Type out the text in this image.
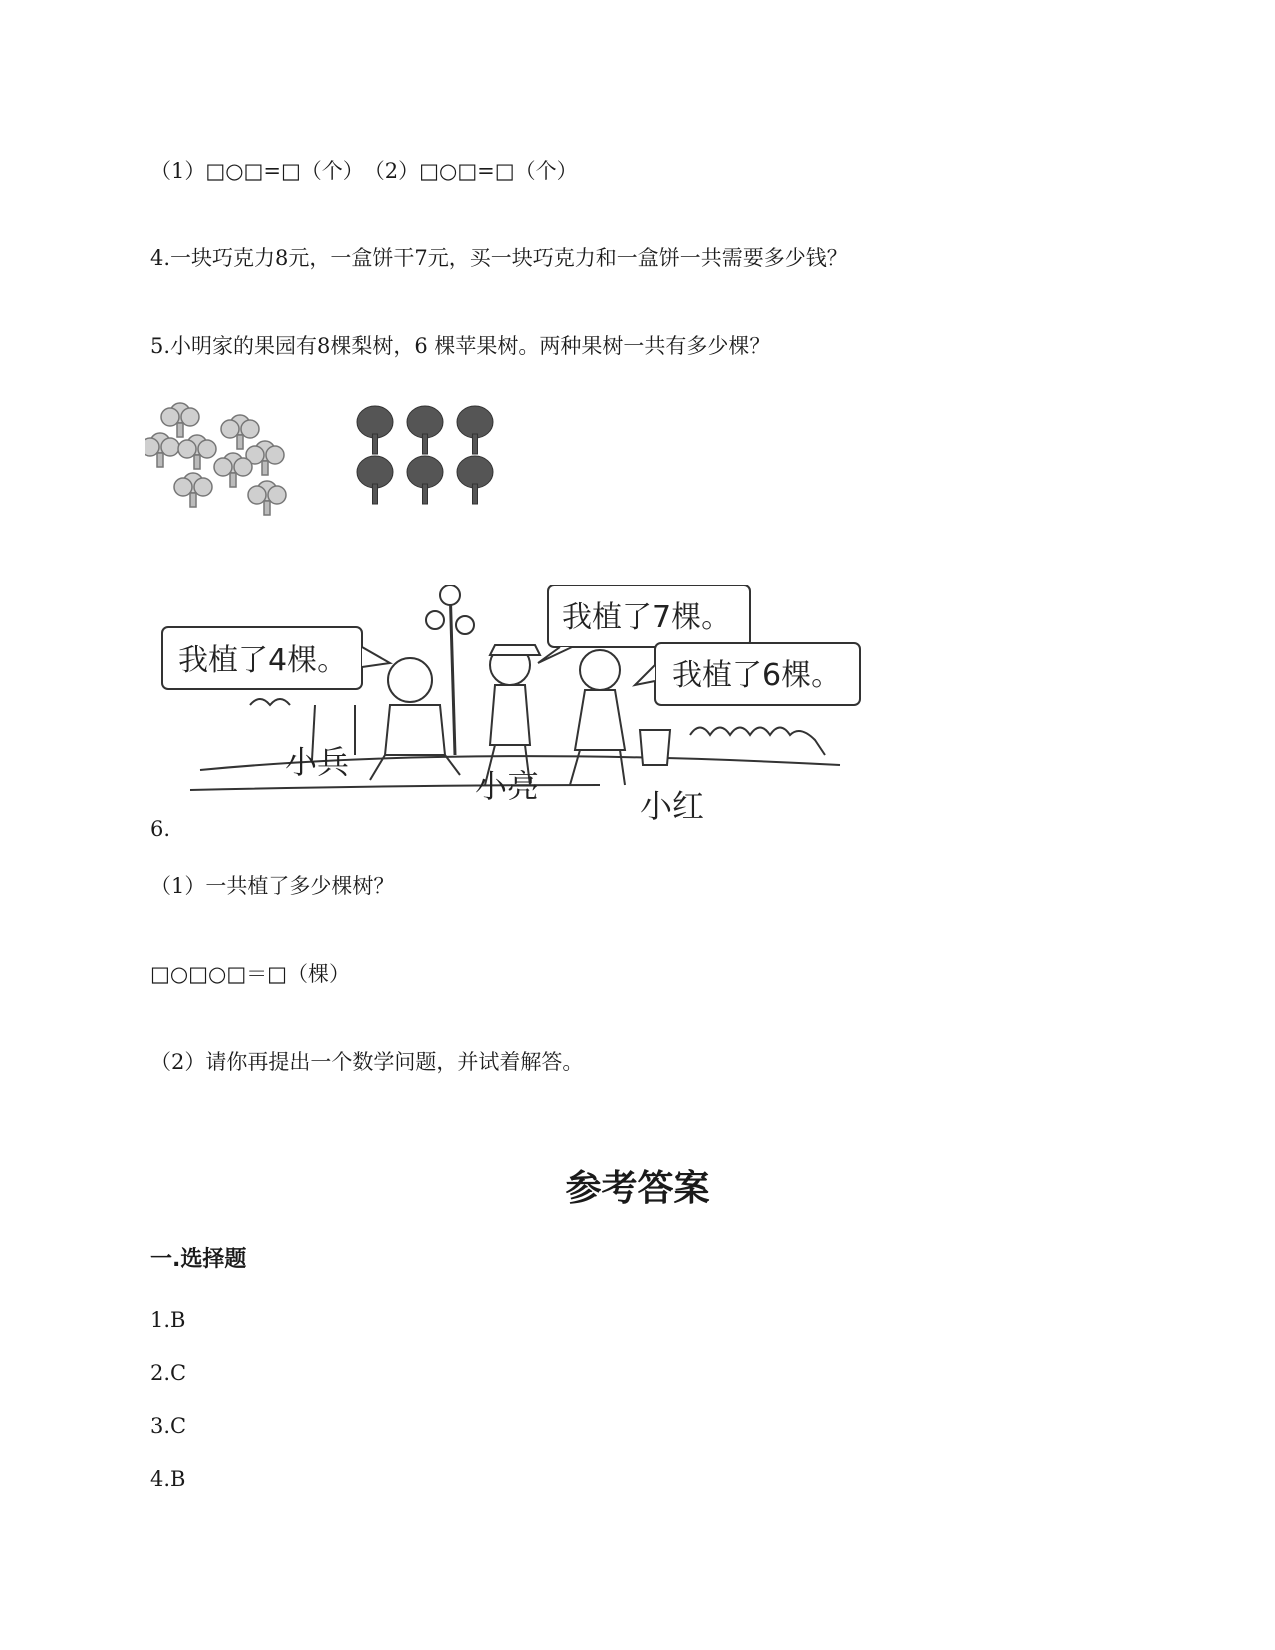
（1）□○□=□（个）　（2）□○□=□（个）
4.一块巧克力8元，一盒饼干7元，买一块巧克力和一盒饼一共需要多少钱？
5.小明家的果园有8棵梨树，6 棵苹果树。两种果树一共有多少棵？
我植了4棵。
我植了7棵。
我植了6棵。
小兵
小亮
小红
6.
（1）一共植了多少棵树？
□○□○□＝□（棵）
（2）请你再提出一个数学问题，并试着解答。
参考答案
一.选择题
1.B
2.C
3.C
4.B
